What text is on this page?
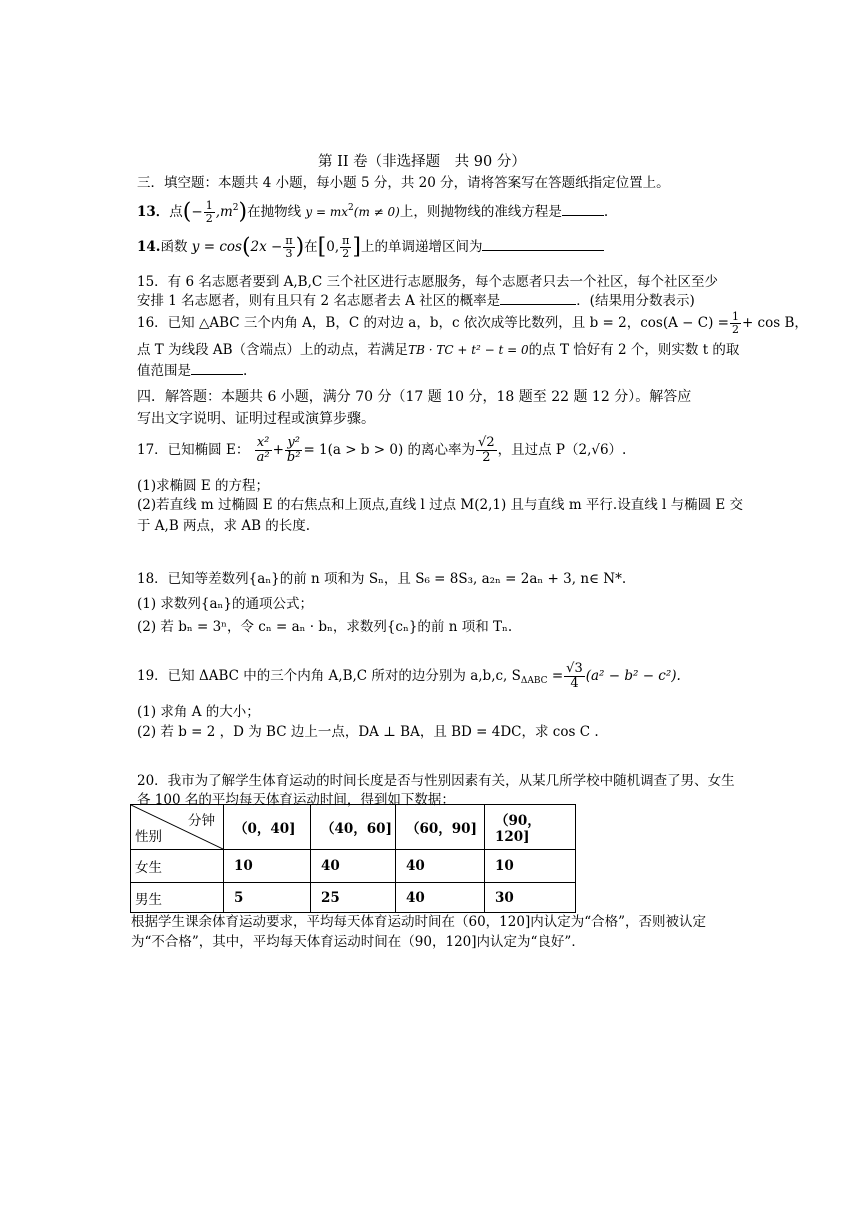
第 II 卷（非选择题　共 90 分）
三．填空题：本题共 4 小题，每小题 5 分，共 20 分，请将答案写在答题纸指定位置上。
13．点(− $\frac{1}{2} ,m^2$)在抛物线 $y = mx^2(m \ne 0)$上，则抛物线的准线方程是	.
14.函数 $y = \cos(2x - \frac{\pi}{3}$ )在[0, $\frac{\pi}{2}$ ]上的单调递增区间为
15．有 6 名志愿者要到 A,B,C 三个社区进行志愿服务，每个志愿者只去一个社区，每个社区至少
安排 1 名志愿者，则有且只有 2 名志愿者去 A 社区的概率是	．(结果用分数表示)
16．已知 △ABC 三个内角 A，B，C 的对边 a，b，c 依次成等比数列，且 b = 2，$\cos(A - C) = \frac{1}{2} + \cos B$，
点 T 为线段 AB（含端点）上的动点，若满足TB · TC + t² − t = 0的点 T 恰好有 2 个，则实数 t 的取
值范围是	.
四．解答题：本题共 6 小题，满分 70 分（17 题 10 分，18 题至 22 题 12 分）。解答应
写出文字说明、证明过程或演算步骤。
17．已知椭圆 E： $\frac{\text{x²}}{\text{a²}} + \frac{\text{y²}}{\text{b²}} = 1(a > b > 0)$ 的离心率为 $\frac{√2}{2}$ ，且过点 P（2,√6）.
(1)求椭圆 E 的方程；
(2)若直线 m 过椭圆 E 的右焦点和上顶点,直线 l 过点 M(2,1) 且与直线 m 平行.设直线 l 与椭圆 E 交
于 A,B 两点，求 AB 的长度.
18．已知等差数列{aₙ}的前 n 项和为 Sₙ，且 S₆ = 8S₃, a₂ₙ = 2aₙ + 3, n∈ N*.
(1) 求数列{aₙ}的通项公式；
(2) 若 bₙ = 3ⁿ，令 cₙ = aₙ · bₙ，求数列{cₙ}的前 n 项和 Tₙ.
19．已知 ΔABC 中的三个内角 A,B,C 所对的边分别为 a,b,c, $S_{\Delta ABC} = \frac{√3}{4} (a^2 - b^2 - c^2)$.
(1) 求角 A 的大小；
(2) 若 b = 2 ，D 为 BC 边上一点，DA ⊥ BA，且 BD = 4DC，求 cos C .
20．我市为了解学生体育运动的时间长度是否与性别因素有关，从某几所学校中随机调查了男、女生
各 100 名的平均每天体育运动时间，得到如下数据：
分钟
性别	（0，40]	（40，60]	（60，90]	（90，120]
女生	10	40	40	10
男生	5	25	40	30
根据学生课余体育运动要求，平均每天体育运动时间在（60，120]内认定为“合格”，否则被认定
为“不合格”，其中，平均每天体育运动时间在（90，120]内认定为“良好”．
